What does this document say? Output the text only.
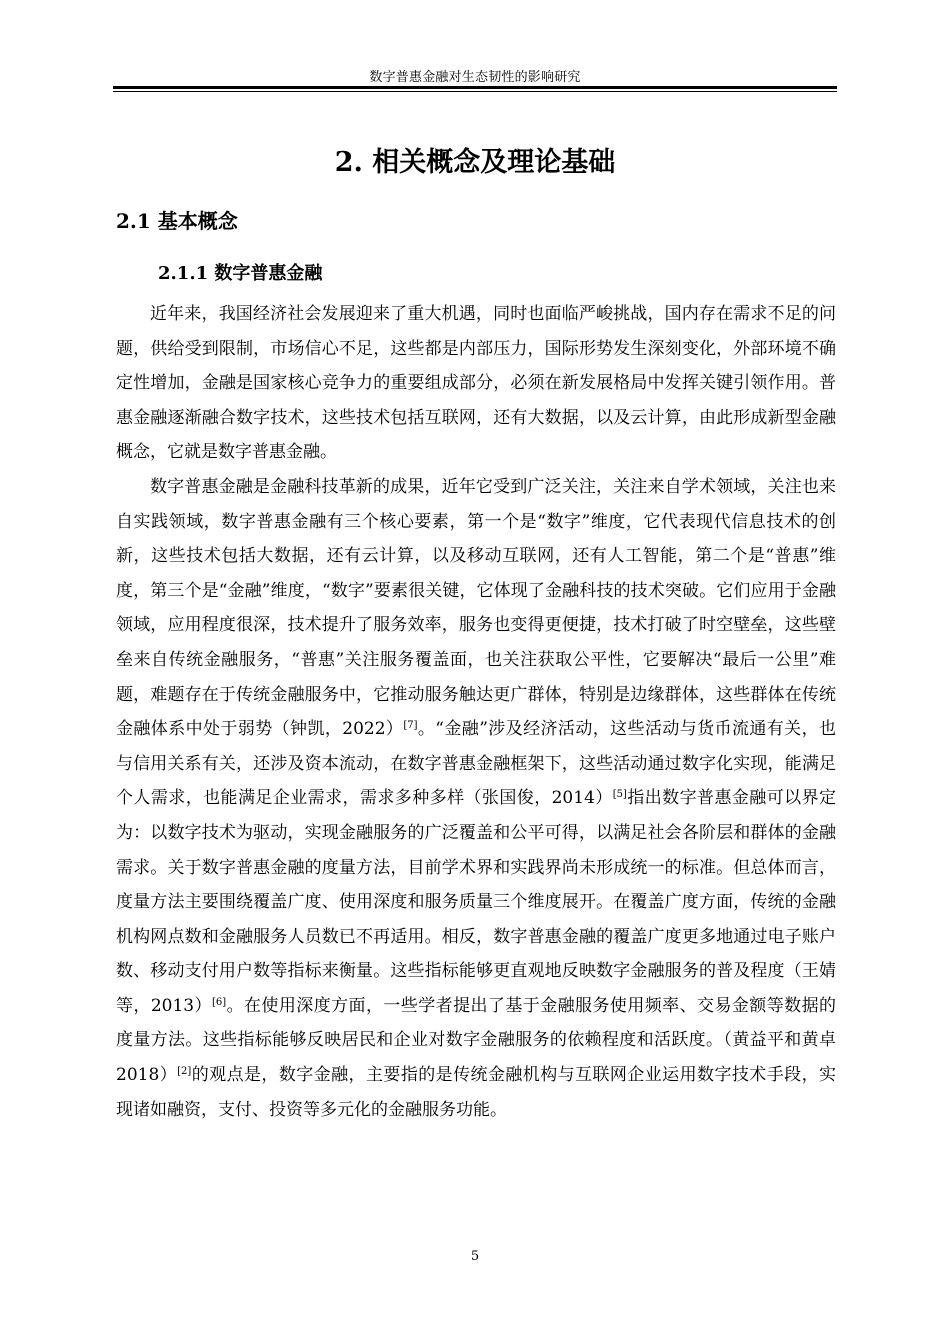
数字普惠金融对生态韧性的影响研究
2. 相关概念及理论基础
2.1 基本概念
2.1.1 数字普惠金融

近年来，我国经济社会发展迎来了重大机遇，同时也面临严峻挑战，国内存在需求不足的问题，供给受到限制，市场信心不足，这些都是内部压力，国际形势发生深刻变化，外部环境不确定性增加，金融是国家核心竞争力的重要组成部分，必须在新发展格局中发挥关键引领作用。普惠金融逐渐融合数字技术，这些技术包括互联网，还有大数据，以及云计算，由此形成新型金融概念，它就是数字普惠金融。

数字普惠金融是金融科技革新的成果，近年它受到广泛关注，关注来自学术领域，关注也来自实践领域，数字普惠金融有三个核心要素，第一个是“数字”维度，它代表现代信息技术的创新，这些技术包括大数据，还有云计算，以及移动互联网，还有人工智能，第二个是“普惠”维度，第三个是“金融”维度，“数字”要素很关键，它体现了金融科技的技术突破。它们应用于金融领域，应用程度很深，技术提升了服务效率，服务也变得更便捷，技术打破了时空壁垒，这些壁垒来自传统金融服务，“普惠”关注服务覆盖面，也关注获取公平性，它要解决“最后一公里”难题，难题存在于传统金融服务中，它推动服务触达更广群体，特别是边缘群体，这些群体在传统金融体系中处于弱势（钟凯，2022）[7]。“金融”涉及经济活动，这些活动与货币流通有关，也与信用关系有关，还涉及资本流动，在数字普惠金融框架下，这些活动通过数字化实现，能满足个人需求，也能满足企业需求，需求多种多样（张国俊，2014）[5]指出数字普惠金融可以界定为：以数字技术为驱动，实现金融服务的广泛覆盖和公平可得，以满足社会各阶层和群体的金融需求。关于数字普惠金融的度量方法，目前学术界和实践界尚未形成统一的标准。但总体而言，度量方法主要围绕覆盖广度、使用深度和服务质量三个维度展开。在覆盖广度方面，传统的金融机构网点数和金融服务人员数已不再适用。相反，数字普惠金融的覆盖广度更多地通过电子账户数、移动支付用户数等指标来衡量。这些指标能够更直观地反映数字金融服务的普及程度（王婧等，2013）[6]。在使用深度方面，一些学者提出了基于金融服务使用频率、交易金额等数据的度量方法。这些指标能够反映居民和企业对数字金融服务的依赖程度和活跃度。（黄益平和黄卓 2018）[2]的观点是，数字金融，主要指的是传统金融机构与互联网企业运用数字技术手段，实现诸如融资，支付、投资等多元化的金融服务功能。

5
